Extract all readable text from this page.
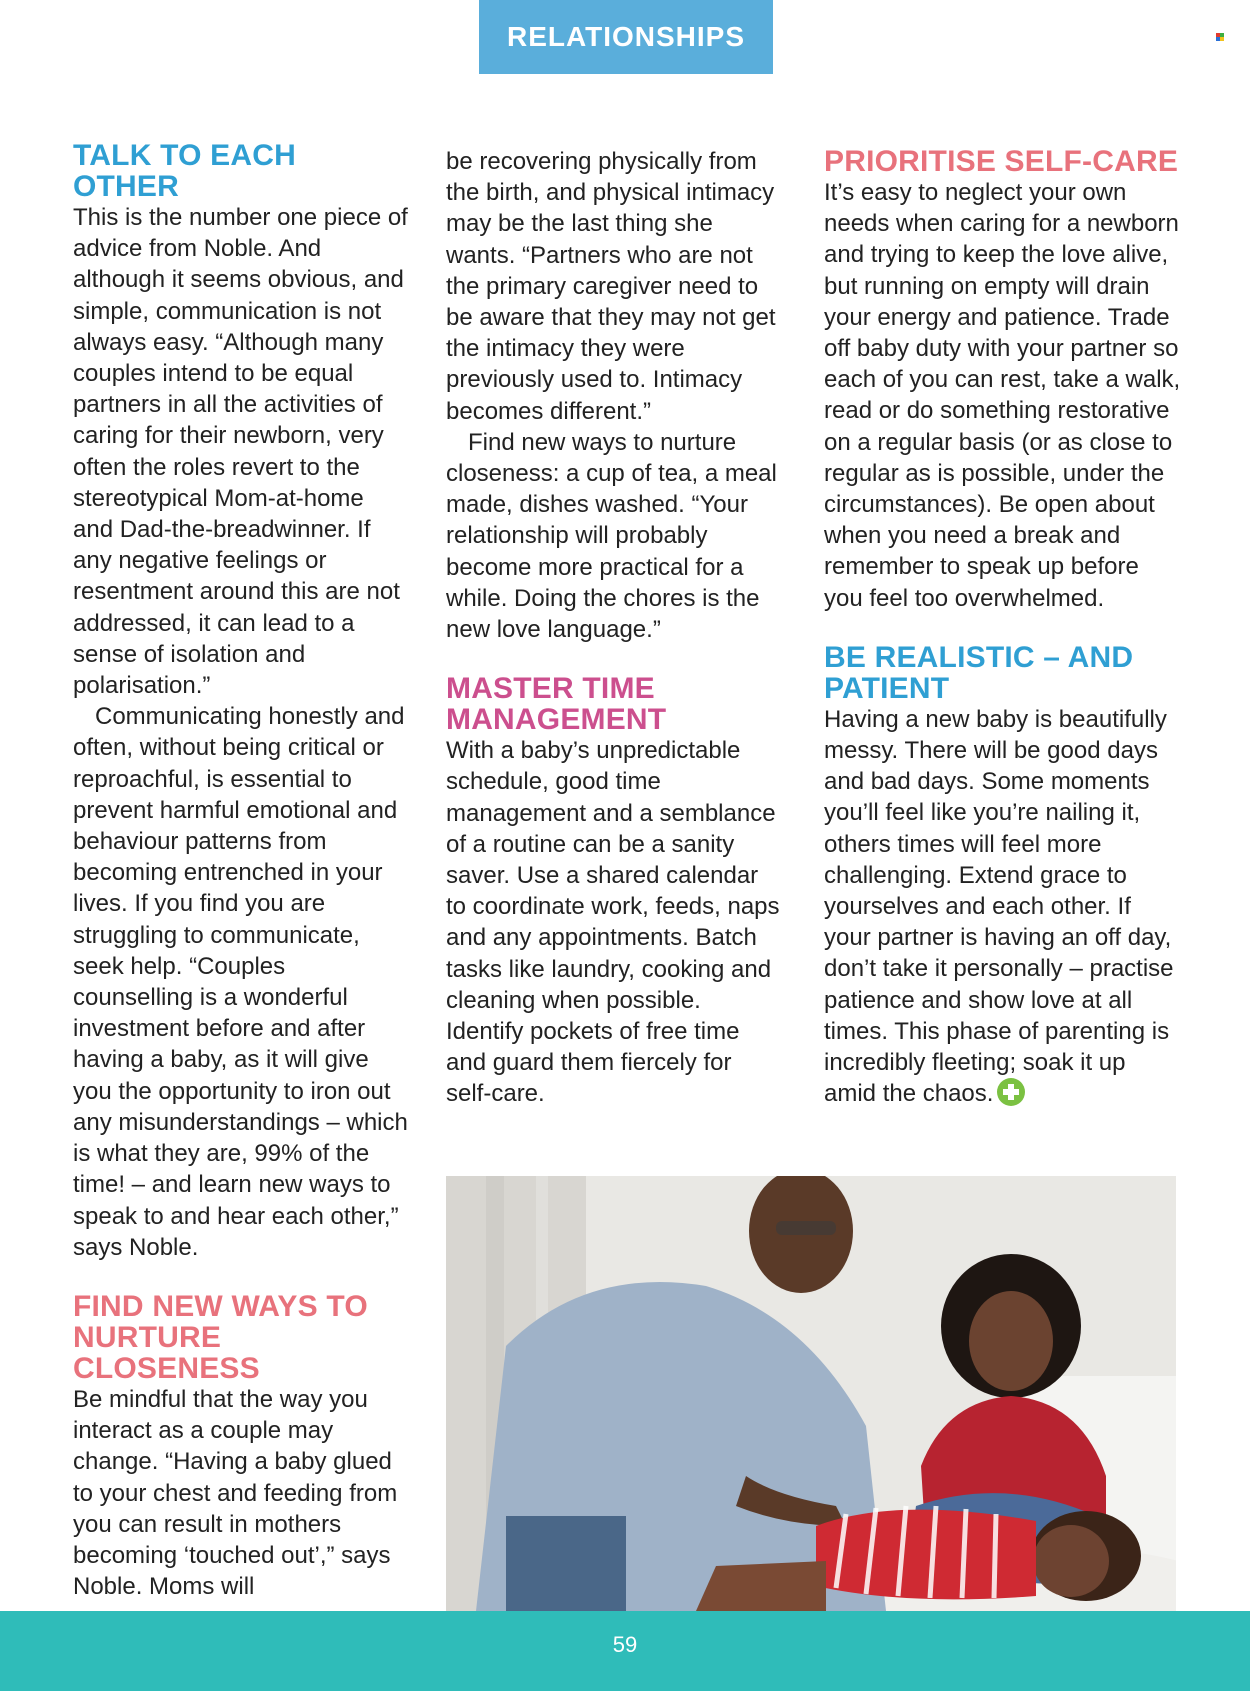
RELATIONSHIPS
TALK TO EACH OTHER

This is the number one piece of advice from Noble. And although it seems obvious, and simple, communication is not always easy. “Although many couples intend to be equal partners in all the activities of caring for their newborn, very often the roles revert to the stereotypical Mom-at-home and Dad-the-breadwinner. If any negative feelings or resentment around this are not addressed, it can lead to a sense of isolation and polarisation.”

Communicating honestly and often, without being critical or reproachful, is essential to prevent harmful emotional and behaviour patterns from becoming entrenched in your lives. If you find you are struggling to communicate, seek help. “Couples counselling is a wonderful investment before and after having a baby, as it will give you the opportunity to iron out any misunderstandings – which is what they are, 99% of the time! – and learn new ways to speak to and hear each other,” says Noble.

FIND NEW WAYS TO NURTURE CLOSENESS

Be mindful that the way you interact as a couple may change. “Having a baby glued to your chest and feeding from you can result in mothers becoming ‘touched out’,” says Noble. Moms will

be recovering physically from the birth, and physical intimacy may be the last thing she wants. “Partners who are not the primary caregiver need to be aware that they may not get the intimacy they were previously used to. Intimacy becomes different.”

Find new ways to nurture closeness: a cup of tea, a meal made, dishes washed. “Your relationship will probably become more practical for a while. Doing the chores is the new love language.”

MASTER TIME MANAGEMENT

With a baby’s unpredictable schedule, good time management and a semblance of a routine can be a sanity saver. Use a shared calendar to coordinate work, feeds, naps and any appointments. Batch tasks like laundry, cooking and cleaning when possible. Identify pockets of free time and guard them fiercely for self-care.

PRIORITISE SELF-CARE

It’s easy to neglect your own needs when caring for a newborn and trying to keep the love alive, but running on empty will drain your energy and patience. Trade off baby duty with your partner so each of you can rest, take a walk, read or do something restorative on a regular basis (or as close to regular as is possible, under the circumstances). Be open about when you need a break and remember to speak up before you feel too overwhelmed.

BE REALISTIC – AND PATIENT

Having a new baby is beautifully messy. There will be good days and bad days. Some moments you’ll feel like you’re nailing it, others times will feel more challenging. Extend grace to yourselves and each other. If your partner is having an off day, don’t take it personally – practise patience and show love at all times. This phase of parenting is incredibly fleeting; soak it up amid the chaos.

59
